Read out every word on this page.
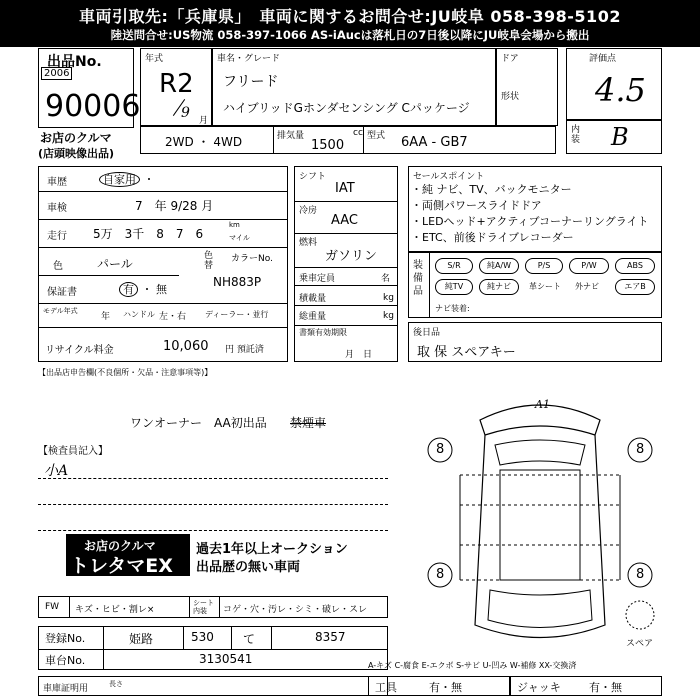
車両引取先:「兵庫県」　車両に関するお問合せ:JU岐阜 058-398-5102
陸送問合せ:US物流 058-397-1066 AS-iAucは落札日の7日後以降にJU岐阜会場から搬出
出品No.
2006
90006
お店のクルマ
(店頭映像出品)
年式
R2
9 月
車名・グレード
フリード
ハイブリッドGホンダセンシング Cパッケージ
ドア
形状
評価点
4.5
内装 B
2WD ・ 4WD	排気量	cc
1500
型式 6AA - GB7
車歴	自家用 ・
車検	7　年 9/28 月
走行 5万　3千　8　7　6
km
マイル
色	パール
色替
カラーNo.
NH883P
保証書	有 ・ 無
モデル年式
年 ハンドル 左・右 ディーラー・並行
リサイクル料金	10,060 円 預託済
シフト
IAT
冷房
AAC
燃料
ガソリン
乗車定員	名
積載量	kg
総重量	kg
書類有効期限
月　日
セールスポイント
・純 ナビ、TV、バックモニター
・両側パワースライドドア
・LEDヘッド+アクティブコーナーリングライト
・ETC、前後ドライブレコーダー
装備品
S/R	純A/W	P/S	P/W	ABS
純TV	純ナビ	革シート 外ナビ	エアB
ナビ装着:
後日品
取 保 スペアキー
【出品店申告欄(不良個所・欠品・注意事項等)】
ワンオーナー　AA初出品 禁煙車
【検査員記入】
小A
お店のクルマ
トレタマEX
過去1年以上オークション
出品歴の無い車両
FW キズ・ヒビ・割レ×
シート内装	コゲ・穴・汚レ・シミ・破レ・スレ
登録No.	姫路	530 て	8357
車台No.	3130541
車庫証明用	長さ
A-キズ C-腐食 E-エクボ S-サビ U-凹み W-補修 XX-交換済
工具	有・無	ジャッキ	有・無
A1
8	8
8	8
スペア
